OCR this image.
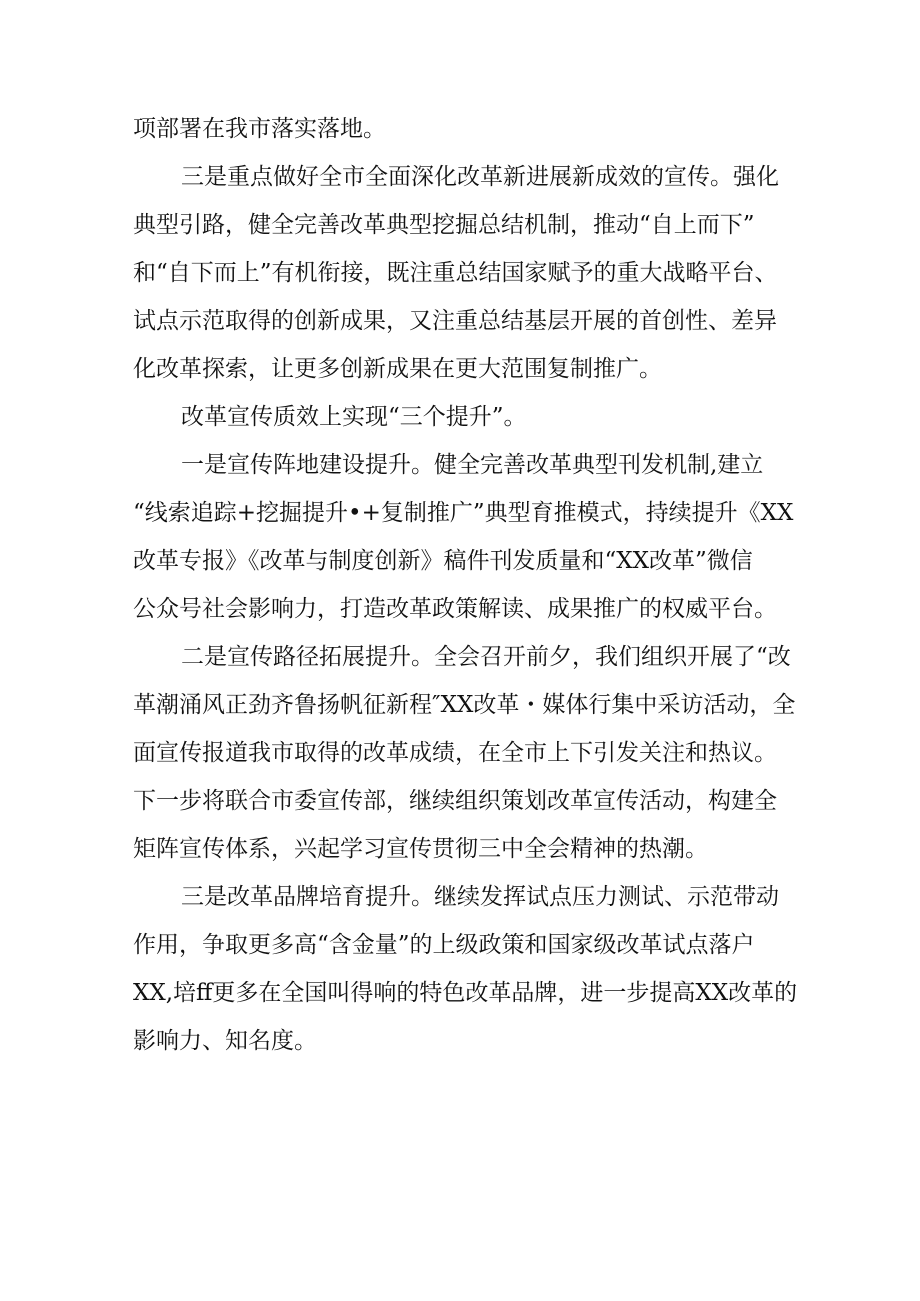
项部署在我市落实落地。

三是重点做好全市全面深化改革新进展新成效的宣传。强化

典型引路，健全完善改革典型挖掘总结机制，推动“自上而下”

和“自下而上”有机衔接，既注重总结国家赋予的重大战略平台、

试点示范取得的创新成果，又注重总结基层开展的首创性、差异

化改革探索，让更多创新成果在更大范围复制推广。

改革宣传质效上实现“三个提升”。

一是宣传阵地建设提升。健全完善改革典型刊发机制,建立

“线索追踪+挖掘提升•+复制推广”典型育推模式，持续提升《XX

改革专报》《改革与制度创新》稿件刊发质量和“XX改革”微信

公众号社会影响力，打造改革政策解读、成果推广的权威平台。

二是宣传路径拓展提升。全会召开前夕，我们组织开展了“改

革潮涌风正劲齐鲁扬帆征新程″XX改革・媒体行集中采访活动，全

面宣传报道我市取得的改革成绩，在全市上下引发关注和热议。

下一步将联合市委宣传部，继续组织策划改革宣传活动，构建全

矩阵宣传体系，兴起学习宣传贯彻三中全会精神的热潮。

三是改革品牌培育提升。继续发挥试点压力测试、示范带动

作用，争取更多高“含金量”的上级政策和国家级改革试点落户

XX,培ff更多在全国叫得响的特色改革品牌，进一步提高XX改革的

影响力、知名度。
